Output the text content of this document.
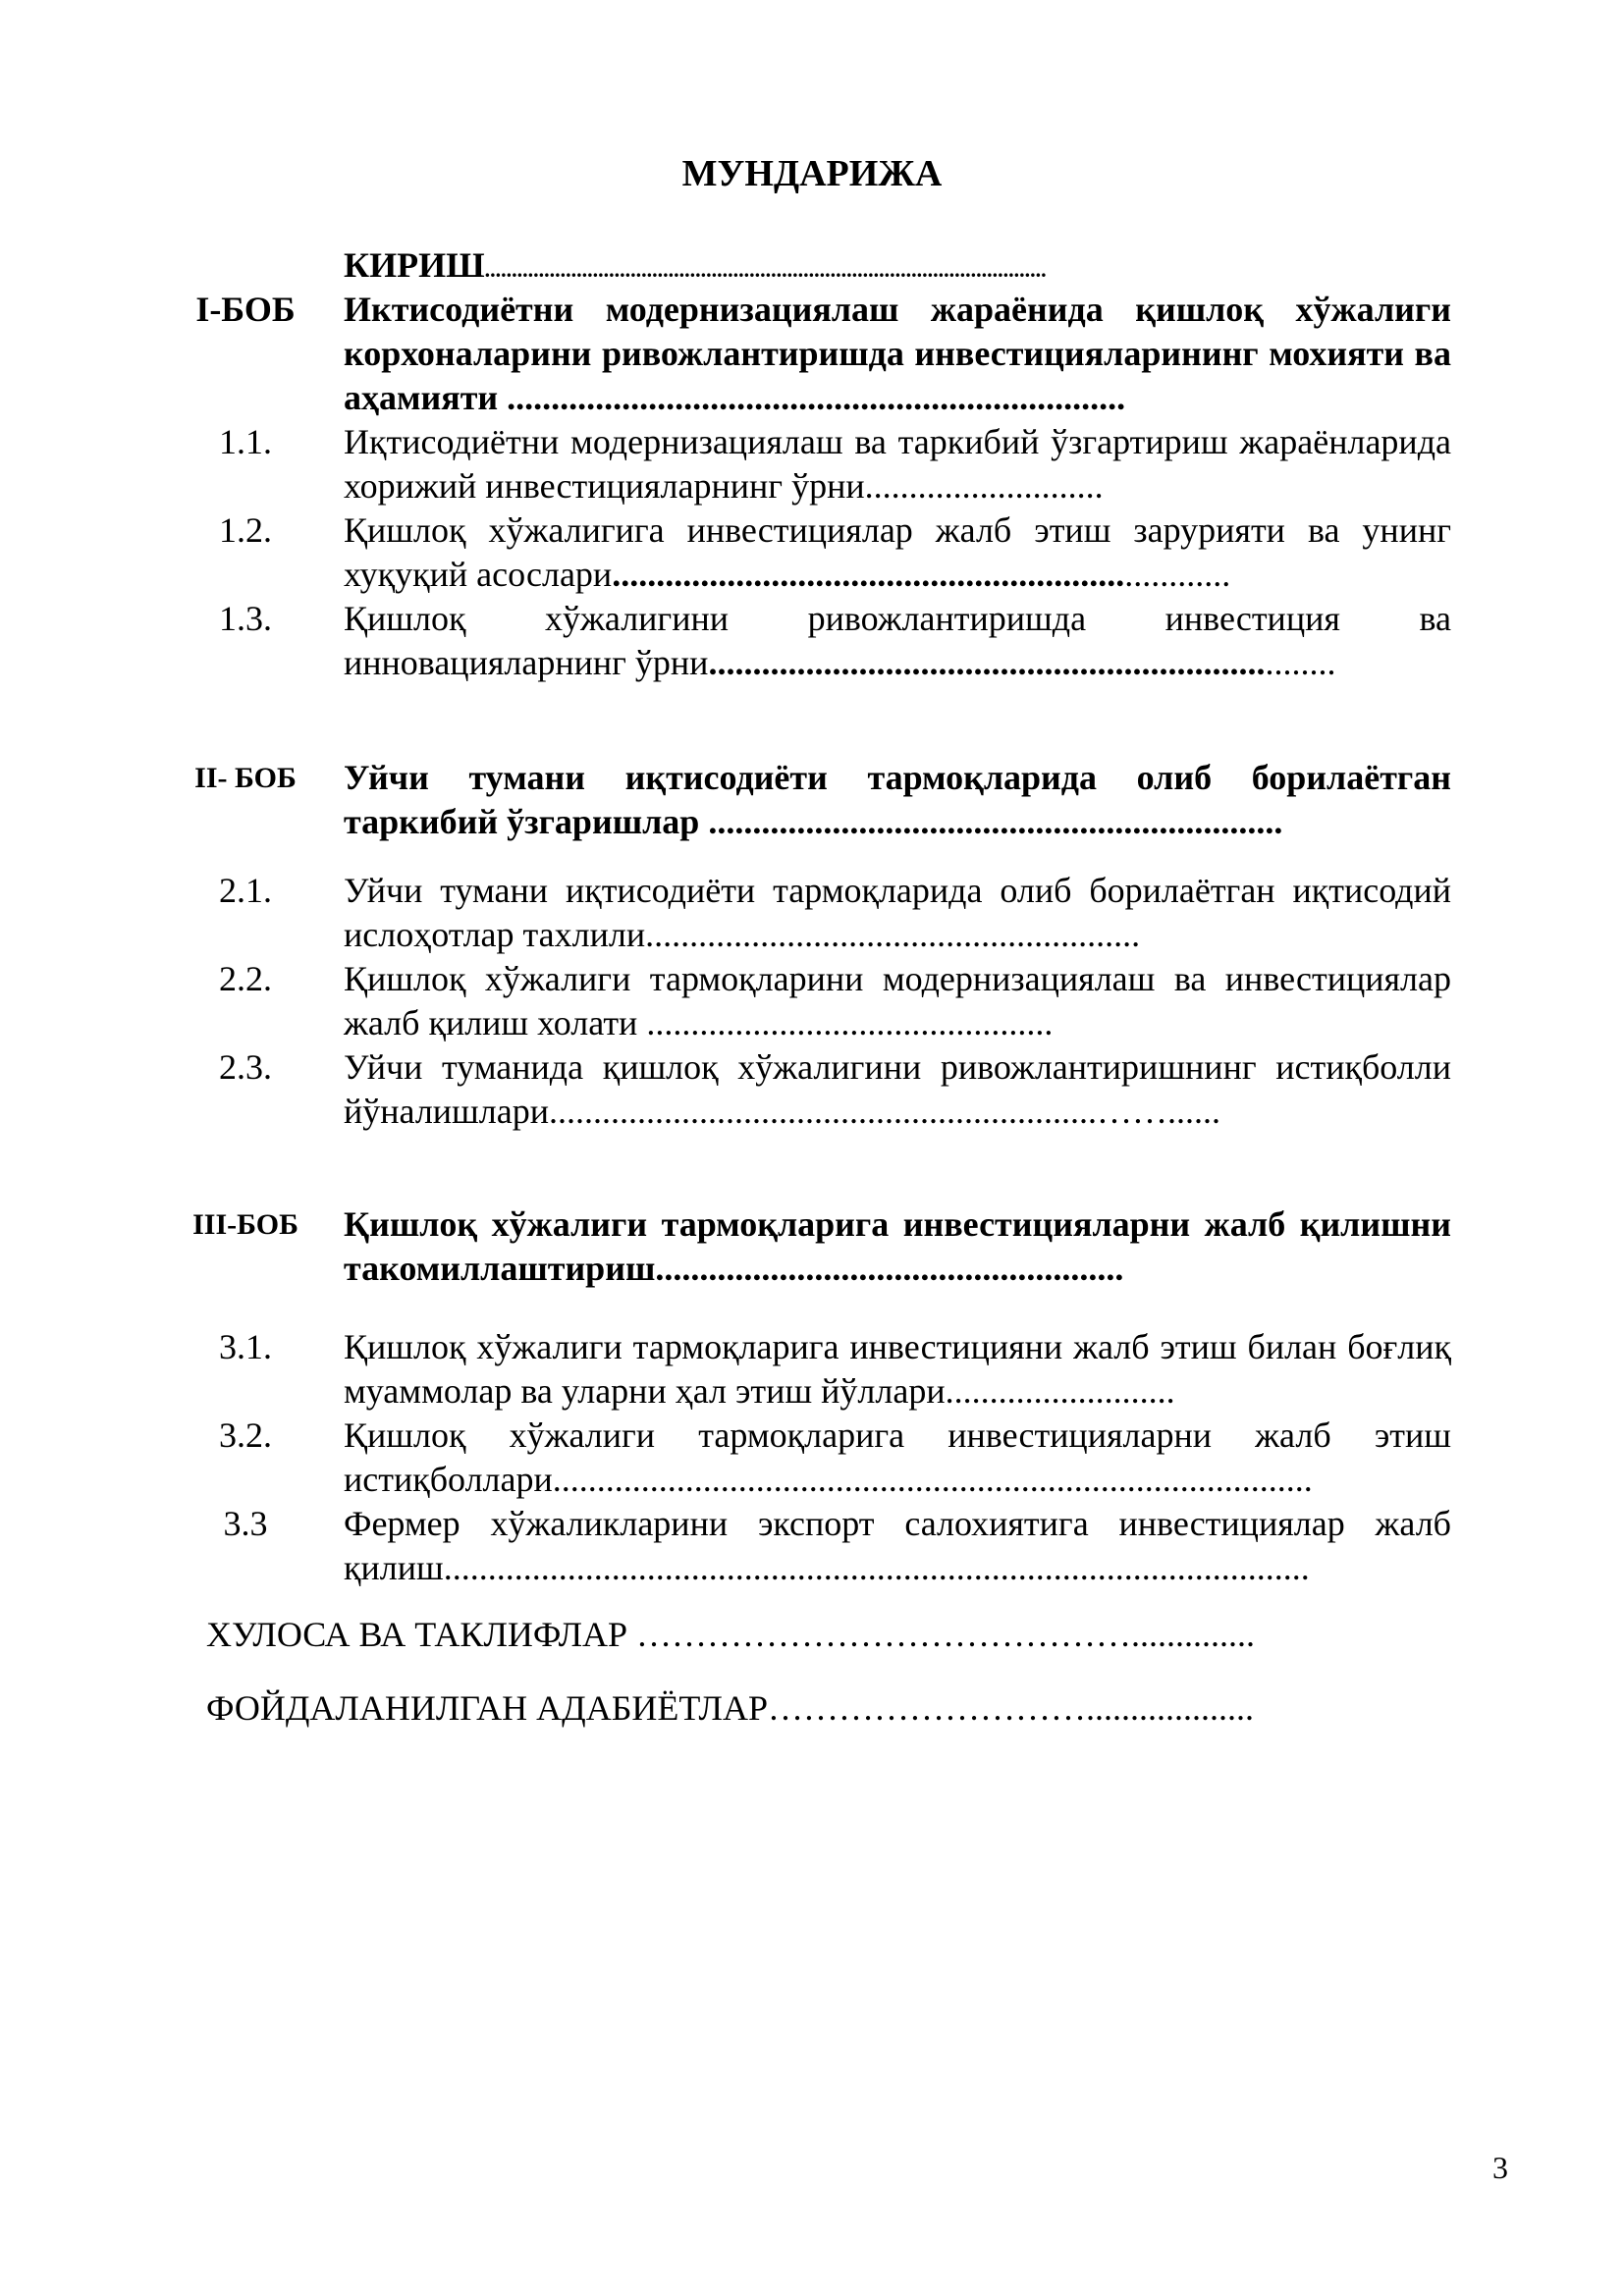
МУНДАРИЖА
КИРИШ........................................................................................................
I-БОБ Иктисодиётни модернизациялаш жараёнида қишлоқ хўжалиги корхоналарини ривожлантиришда инвестицияларининг мохияти ва аҳамияти ......................................................................
1.1.	Иқтисодиётни модернизациялаш ва таркибий ўзгартириш жараёнларида хорижий инвестицияларнинг ўрни...........................
1.2.	Қишлоқ хўжалигига инвестициялар жалб этиш зарурияти ва унинг хуқуқий асослари......................................................................
1.3.	Қишлоқ хўжалигини ривожлантиришда инвестиция ва инновацияларнинг ўрни.......................................................................
II- БОБ	Уйчи тумани иқтисодиёти тармоқларида олиб борилаётган таркибий ўзгаришлар .................................................................
2.1.	Уйчи тумани иқтисодиёти тармоқларида олиб борилаётган иқтисодий ислоҳотлар тахлили........................................................
2.2.	Қишлоқ хўжалиги тармоқларини модернизациялаш ва инвестициялар жалб қилиш холати ..............................................
2.3.	Уйчи туманида қишлоқ хўжалигини ривожлантиришнинг истиқболли йўналишлари..............................................................……......
III-БОБ	Қишлоқ хўжалиги тармоқларига инвестицияларни жалб қилишни такомиллаштириш.....................................................
3.1.	Қишлоқ хўжалиги тармоқларига инвестицияни жалб этиш билан боғлиқ муаммолар ва уларни ҳал этиш йўллари..........................
3.2.	Қишлоқ хўжалиги тармоқларига инвестицияларни жалб этиш истиқболлари......................................................................................
3.3	Фермер хўжаликларини экспорт салохиятига инвестициялар жалб қилиш..................................................................................................
ХУЛОСА ВА ТАКЛИФЛАР ……………………………………..............
ФОЙДАЛАНИЛГАН АДАБИЁТЛАР………………………...................
3
